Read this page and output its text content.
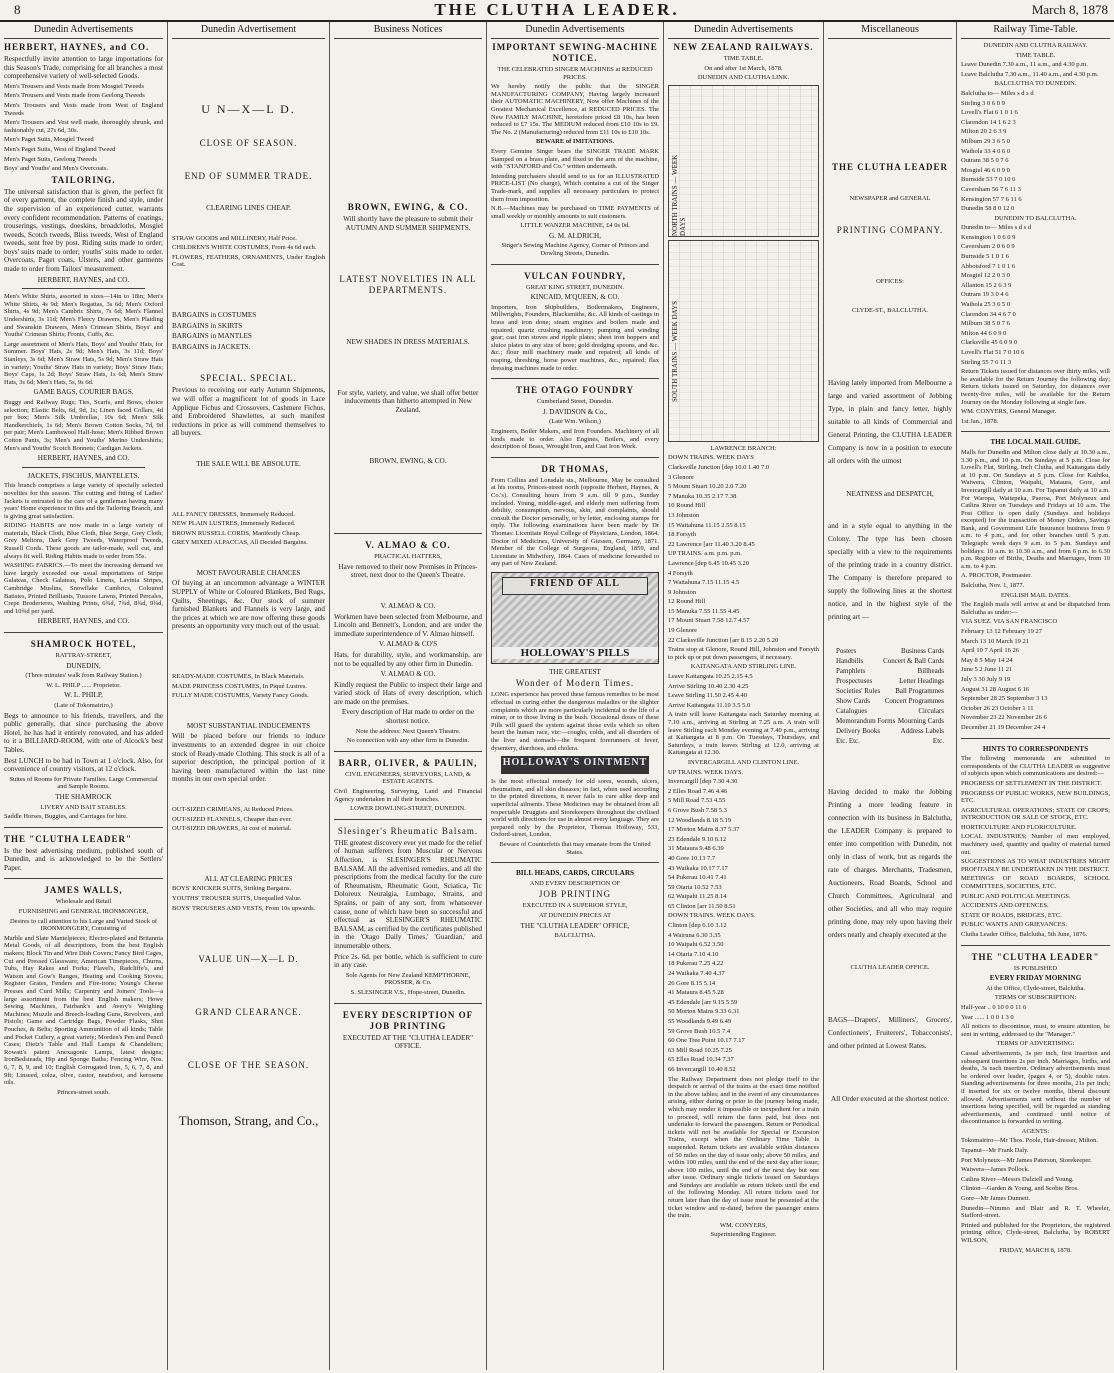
8	THE CLUTHA LEADER.	March 8, 1878
Dunedin Advertisements

HERBERT, HAYNES, and CO.

Respectfully invite attention to large importations for this Season's Trade, comprising for all branches a most comprehensive variety of well-selected Goods.

Men's Trousers and Vests made from Mosgiel Tweeds

Men's Trousers and Vests made from Geelong Tweeds

Men's Trousers and Vests made from West of England Tweeds

Men's Trousers and Vest well made, thoroughly shrunk, and fashionably cut, 27s 6d, 30s.

Men's Paget Suits, Mosgiel Tweed

Men's Paget Suits, West of England Tweed

Men's Paget Suits, Geelong Tweeds

Boys' and Youths' and Men's Overcoats.

TAILORING.

The universal satisfaction that is given, the perfect fit of every garment, the complete finish and style, under the supervision of an experienced cutter, warrants every confident recommendation. Patterns of coatings, trouserings, vestings, doeskins, broadcloths, Mosgiel tweeds, Scotch tweeds, Bliss tweeds, West of England tweeds, sent free by post. Riding suits made to order; boys' suits made to order; youths' suits made to order. Overcoats, Paget coats, Ulsters, and other garments made to order from Tailors' measurement.

HERBERT, HAYNES, and CO.

Men's White Shirts, assorted in sizes—14in to 18in; Men's White Shirts, 4s 9d; Men's Regattas, 3s 6d; Men's Oxford Shirts, 4s 9d; Men's Cambric Shirts, 7s 6d; Men's Flannel Undershirts, 3s 11d; Men's Fleecy Drawers, Men's Plaiding and Swanskin Drawers, Men's Crimean Shirts, Boys' and Youths' Crimean Shirts; Fronts, Cuffs, &c.

Large assortment of Men's Hats, Boys' and Youths' Hats, for Summer. Boys' Hats, 2s 9d; Men's Hats, 3s 11d; Boys' Stanleys, 3s 6d; Men's Straw Hats, 5s 9d; Men's Straw Hats in variety; Youths' Straw Hats in variety; Boys' Straw Hats; Boys' Caps, 1s 2d; Boys' Straw Hats, 1s 6d; Men's Straw Hats, 3s 6d; Men's Hats, 5s, 9s 6d.

GAME BAGS, COURIER BAGS.

Buggy and Railway Rugs; Ties, Scarfs, and Bows, choice selection; Elastic Belts, 6d, 9d, 1s; Linen faced Collars, 4d per box; Men's Silk Umbrellas, 10s 6d; Men's Silk Handkerchiefs, 1s 6d; Men's Brown Cotton Socks, 7d, 9d per pair; Men's Lambswool Half-hose; Men's Ribbed Brown Cotton Pants, 3s; Men's and Youths' Merino Undershirts; Men's and Youths' Scotch Bonnets; Cardigan Jackets.

HERBERT, HAYNES, and CO.

JACKETS, FISCHUS, MANTELETS.

This branch comprises a large variety of specially selected novelties for this season. The cutting and fitting of Ladies' Jackets is entrusted to the care of a gentleman having many years' Home experience in this and the Tailoring Branch, and is giving great satisfaction.

RIDING HABITS are now made in a large variety of materials, Black Cloth, Blue Cloth, Blue Serge, Grey Cloth, Grey Meltons, Dark Grey Tweeds, Waterproof Tweeds, Russell Cords. These goods are tailor-made, well cut, and always fit well. Riding Habits made to order from 55s.

WASHING FABRICS.—To meet the increasing demand we have largely exceeded our usual importations of Stripe Galateas, Check Galateas, Polo Linens, Lavinia Stripes, Cambridge Muslins, Snowflake Cambrics, Coloured Batistes, Printed Brilliants, Tussore Lawns, Printed Percales, Crepe Broderieres, Washing Prints, 6¾d, 7¾d, 8¾d, 9¾d, and 10¾d per yard.

HERBERT, HAYNES, and CO.

SHAMROCK HOTEL,

RATTRAY-STREET,

DUNEDIN,

(Three minutes' walk from Railway Station.)

W. L. PHILP ...... Proprietor.

W. L. PHILP,

(Late of Tokomairiro,)

Begs to announce to his friends, travellers, and the public generally, that since purchasing the above Hotel, he has had it entirely renovated, and has added to it a BILLIARD-ROOM, with one of Alcock's best Tables.

Best LUNCH to be had in Town at 1 o'clock. Also, for convenience of country visitors, at 12 o'clock.

Suites of Rooms for Private Families. Large Commercial and Sample Rooms.

THE SHAMROCK

LIVERY AND BAIT STABLES.

Saddle Horses, Buggies, and Carriages for hire.

THE "CLUTHA LEADER"

Is the best advertising medium, published south of Dunedin, and is acknowledged to be the Settlers' Paper.

JAMES WALLS,

Wholesale and Retail

FURNISHING and GENERAL IRONMONGER,

Desires to call attention to his Large and Varied Stock of IRONMONGERY, Consisting of

Marble and Slate Mantelpieces; Electro-plated and Britannia Metal Goods, of all descriptions, from the best English makers; Block Tin and Wire Dish Covers; Fancy Bird Cages, Cut and Pressed Glassware; American Timepieces, Churns, Tubs, Hay Rakes and Forks; Flavel's, Radcliffe's, and Watson and Gow's Ranges, Heating and Cooking Stoves; Register Grates, Fenders and Fire-irons; Young's Cheese Presses and Curd Mills; Carpentry and Joiners' Tools—a large assortment from the best English makers; Howe Sewing Machines, Fairbank's and Avery's Weighing Machines; Muzzle and Breech-loading Guns, Revolvers, and Pistols; Game and Cartridge Bags, Powder Flasks, Shot Pouches, & Belts; Sporting Ammunition of all kinds; Table and Pocket Cutlery, a great variety; Morden's Pen and Pencil Cases; Dietz's Table and Hall Lamps & Chandeliers; Rowatt's patent Anexagonic Lamps, latest designs; IronBedsteads, Hip and Sponge Baths; Fencing Wire, Nos. 6, 7, 8, 9, and 10; English Corrugated Iron, 5, 6, 7, 8, and 9ft; Linseed, colza, olive, castor, neatsfoot, and kerosene oils.

Princes-street south.

Dunedin Advertisement

U N—X—L D.

CLOSE OF SEASON.

END OF SUMMER TRADE.

CLEARING LINES CHEAP.

STRAW GOODS and MILLINERY, Half Price.

CHILDREN'S WHITE COSTUMES, From 4s 6d each.

FLOWERS, FEATHERS, ORNAMENTS, Under English Cost.

BARGAINS in COSTUMES

BARGAINS in SKIRTS

BARGAINS in MANTLES

BARGAINS in JACKETS.

SPECIAL. SPECIAL.

Previous to receiving our early Autumn Shipments, we will offer a magnificent lot of goods in Lace Applique Fichus and Crossovers, Cashmere Fichus, and Embroidered Shawlettes, at such manifest reductions in price as will commend themselves to all buyers.

THE SALE WILL BE ABSOLUTE.

ALL FANCY DRESSES, Immensely Reduced.

NEW PLAIN LUSTRES, Immensely Reduced.

BROWN RUSSELL CORDS, Manifestly Cheap.

GREY MIXED ALPACCAS, All Decided Bargains.

MOST FAVOURABLE CHANCES

Of buying at an uncommon advantage a WINTER SUPPLY of White or Coloured Blankets, Bed Rugs, Quilts, Sheetings, &c. Our stock of summer furnished Blankets and Flannels is very large, and the prices at which we are now offering these goods presents an opportunity very much out of the usual.

READY-MADE COSTUMES, In Black Materials.

MADE PRINCESS COSTUMES, In Piqué Lustres.

FULLY MADE COSTUMES, Variety Fancy Goods.

MOST SUBSTANTIAL INDUCEMENTS

Will be placed before our friends to induce investments to an extended degree in our choice stock of Ready-made Clothing. This stock is all of a superior description, the principal portion of it having been manufactured within the last nine months in our own special order.

OUT-SIZED CRIMEANS, At Reduced Prices.

OUT-SIZED FLANNELS, Cheaper than ever.

OUT-SIZED DRAWERS, At cost of material.

ALL AT CLEARING PRICES

BOYS' KNICKER SUITS, Striking Bargains.

YOUTHS' TROUSER SUITS, Unequalled Value.

BOYS' TROUSERS AND VESTS, From 10s upwards.

VALUE UN—X—L D.

GRAND CLEARANCE.

CLOSE OF THE SEASON.

Thomson, Strang, and Co.,

Business Notices

BROWN, EWING, & CO.

Will shortly have the pleasure to submit their AUTUMN AND SUMMER SHIPMENTS.

LATEST NOVELTIES IN ALL DEPARTMENTS.

NEW SHADES IN DRESS MATERIALS.

For style, variety, and value, we shall offer better inducements than hitherto attempted in New Zealand.

BROWN, EWING, & CO.

V. ALMAO & CO.

PRACTICAL HATTERS,

Have removed to their now Premises in Princes-street, next door to the Queen's Theatre.

V. ALMAO & CO.

Workmen have been selected from Melbourne, and Lincoln and Bennett's, London, and are under the immediate superintendence of V. Almao himself.

V. ALMAO & CO'S

Hats, for durability, style, and workmanship, are not to be equalled by any other firm in Dunedin.

V. ALMAO & CO.

Kindly request the Public to inspect their large and varied stock of Hats of every description, which are made on the premises.

Every description of Hat made to order on the shortest notice.

Note the address: Next Queen's Theatre.

No connection with any other firm in Dunedin.

BARR, OLIVER, & PAULIN,

CIVIL ENGINEERS, SURVEYORS, LAND, & ESTATE AGENTS.

Civil Engineering, Surveying, Land and Financial Agency undertaken in all their branches.

LOWER DOWLING-STREET, DUNEDIN.

Slesinger's Rheumatic Balsam.

THE greatest discovery ever yet made for the relief of human sufferers from Muscular or Nervous Affection, is SLESINGER'S RHEUMATIC BALSAM. All the advertised remedies, and all the prescriptions from the medical faculty for the cure of Rheumatism, Rheumatic Gout, Sciatica, Tic Doloreux Neuralgia, Lumbago, Strains, and Sprains, or pain of any sort, from whatsoever cause, none of which have been so successful and effectual as SLESINGER'S RHEUMATIC BALSAM, as certified by the certificates published in the 'Otago Daily Times,' 'Guardian,' and innumerable others.

Price 2s. 6d. per bottle, which is sufficient to cure in any case.

Sole Agents for New Zealand KEMPTHORNE, PROSSER, & Co.

S. SLESINGER V.S., Hope-street, Dunedin.

EVERY DESCRIPTION OF JOB PRINTING

EXECUTED AT THE "CLUTHA LEADER" OFFICE.

Dunedin Advertisements

IMPORTANT SEWING-MACHINE NOTICE.

THE CELEBRATED SINGER MACHINES at REDUCED PRICES.

We hereby notify the public that the SINGER MANUFACTURING COMPANY, Having largely increased their AUTOMATIC MACHINERY, Now offer Machines of the Greatest Mechanical Excellence, at REDUCED PRICES. The New FAMILY MACHINE, heretofore priced £8 10s, has been reduced to £7 15s. The MEDIUM reduced from £10 10s to £9. The No. 2 (Manufacturing) reduced from £11 10s to £10 10s.

BEWARE of IMITATIONS.

Every Genuine Singer bears the SINGER TRADE MARK Stamped on a brass plate, and fixed to the arm of the machine, with "STANFORD and Co." written underneath.

Intending purchasers should send to us for an ILLUSTRATED PRICE-LIST (No charge), Which contains a cut of the Singer Trade-mark, and supplies all necessary particulars to protect them from imposition.

N.B.—Machines may be purchased on TIME PAYMENTS of small weekly or monthly amounts to suit customers.

LITTLE WANZER MACHINE, £4 0s 0d.

G. M. ALDRICH,

Singer's Sewing Machine Agency, Corner of Princes and Dowling Streets, Dunedin.

VULCAN FOUNDRY,

GREAT KING STREET, DUNEDIN.

KINCAID, M'QUEEN, & CO.

Importers, Iron Shipbuilders, Boilermakers, Engineers, Millwrights, Founders, Blacksmiths, &c. All kinds of castings in brass and iron done; steam engines and boilers made and repaired; quartz crushing machinery; pumping and winding gear; cast iron stoves and ripple plates; sheet iron hoppers and sluice plates to any size of bore; gold dredging spoons, and &c. &c.; flour mill machinery made and repaired; all kinds of reaping, threshing, horse power machines, &c., repaired; flax dressing machines made to order.

THE OTAGO FOUNDRY

Cumberland Street, Dunedin.

J. DAVIDSON & Co.,

(Late Wm. Wilson,)

Engineers, Boiler Makers, and Iron Founders. Machinery of all kinds made to order. Also Engines, Boilers, and every description of Brass, Wrought Iron, and Cast Iron Work.

DR THOMAS,

From Collins and Lonsdale sts., Melbourne, May be consulted at his rooms, Princes-street north (opposite Herbert, Haynes, & Co.'s). Consulting hours from 9 a.m. till 9 p.m., Sunday included. Young, middle-aged, and elderly men suffering from debility, consumption, nervous, skin, and complaints, should consult the Doctor personally, or by letter, enclosing stamps for reply. The following examinations have been made by Dr Thomas: Licentiate Royal College of Physicians, London, 1864. Doctor of Medicines, University of Giessen, Germany, 1871. Member of the College of Surgeons, England, 1859, and Licentiate in Midwifery, 1864. Cases of medicine forwarded to any part of New Zealand.

FRIEND OF ALL
HOLLOWAY'S PILLS

THE GREATEST

Wonder of Modern Times.

LONG experience has proved these famous remedies to be most effectual in curing either the dangerous maladies or the slighter complaints which are more particularly incidental to the life of a miner, or to those living in the bush. Occasional doses of these Pills will guard the system against those evils which so often beset the human race, viz:—coughs, colds, and all disorders of the liver and stomach—the frequent forerunners of fever, dysentery, diarrhoea, and cholera.

HOLLOWAY'S OINTMENT

Is the most effectual remedy for old sores, wounds, ulcers, rheumatism, and all skin diseases; in fact, when used according to the printed directions, it never fails to cure alike deep and superficial ailments. These Medicines may be obtained from all respectable Druggists and Storekeepers throughout the civilised world with directions for use in almost every language. They are prepared only by the Proprietor, Thomas Holloway, 533, Oxford-street, London.

Beware of Counterfeits that may emanate from the United States.

BILL HEADS, CARDS, CIRCULARS

AND EVERY DESCRIPTION OF

JOB PRINTING

EXECUTED IN A SUPERIOR STYLE,

AT DUNEDIN PRICES AT

THE "CLUTHA LEADER" OFFICE,

BALCLUTHA.

Dunedin Advertisements

NEW ZEALAND RAILWAYS.

TIME TABLE.

On and after 1st March, 1878.

DUNEDIN AND CLUTHA LINK.

NORTH TRAINS — WEEK DAYS
SOUTH TRAINS — WEEK DAYS

LAWRENCE BRANCH:

DOWN TRAINS. WEEK DAYS

Clarksville Junction [dep 10.0 1.40 7.0

3 Glenore

5 Mount Stuart 10.20 2.0 7.20

7 Manuka 10.35 2.17 7.38

10 Round Hill

13 Johnston

15 Waitahuna 11.15 2.55 8.15

18 Forsyth

22 Lawrence [arr 11.40 3.20 8.45

UP TRAINS. a.m. p.m. p.m.

Lawrence [dep 6.45 10.45 3.20

4 Forsyth

7 Waitahuna 7.15 11.15 4.5

9 Johnston

12 Round Hill

15 Manuka 7.55 11.55 4.45

17 Mount Stuart 7.58 12.7 4.57

19 Glenore

22 Clarksville Junction [arr 8.15 2.20 5.20

Trains stop at Glenore, Round Hill, Johnston and Forsyth to pick up or put down passengers, if necessary.

KAITANGATA AND STIRLING LINE.

Leave Kaitangata 10.25 2.15 4.5

Arrive Stirling 10.40 2.30 4.25

Leave Stirling 11.50 2.45 4.40

Arrive Kaitangata 11.10 3.5 5.0

A train will leave Kaitangata each Saturday morning at 7.10 a.m., arriving at Stirling at 7.25 a.m. A train will leave Stirling each Monday evening at 7.40 p.m., arriving at Kaitangata at 8 p.m. On Tuesdays, Thursdays, and Saturdays, a train leaves Stirling at 12.0, arriving at Kaitangata at 12.30.

INVERCARGILL AND CLINTON LINE.

UP TRAINS. WEEK DAYS.

Invercargill [dep 7.30 4.30

2 Elles Road 7.46 4.46

5 Mill Road 7.53 4.55

6 Grove Bush 7.58 5.3

12 Woodlands 8.18 5.19

17 Morton Mains 8.37 5.37

23 Edendale 9.10 6.12

31 Mataura 9.48 6.39

40 Gore 10.13 7.7

43 Waikaka 10.17 7.17

54 Pukerau 10.41 7.41

59 Otaria 10.52 7.53

62 Waipahi 11.25 8.14

65 Clinton [arr 11.50 8.51

DOWN TRAINS. WEEK DAYS.

Clinton [dep 6.10 3.12

4 Wairuna 6.30 3.35

10 Waipahi 6.52 3.50

14 Otaria 7.10 4.10

18 Pukerau 7.25 4.22

24 Waikaka 7.40 4.37

26 Gore 8.15 5.14

41 Mataura 8.45 5.28

45 Edendale [arr 9.15 5.59

50 Morton Mains 9.33 6.31

55 Woodlands 9.49 6.49

59 Grove Bush 10.5 7.4

60 One Tree Point 10.17 7.17

63 Mill Road 10.25 7.25

65 Elles Road 10.34 7.37

66 Invercargill 10.40 8.52

The Railway Department does not pledge itself to the despatch or arrival of the trains at the exact time notified in the above tables; and in the event of any circumstances arising, either during or prior to the journey being made, which may render it impossible or inexpedient for a train to proceed, will return the fares paid, but does not undertake to forward the passengers. Return or Periodical tickets will not be available for Special or Excursion Trains, except when the Ordinary Time Table is suspended. Return tickets are available within distances of 50 miles on the day of issue only; above 50 miles, and within 100 miles, until the end of the next day after issue; above 100 miles, until the end of the next day but one after issue. Ordinary single tickets issued on Saturdays and Sundays are available as return tickets until the end of the following Monday. All return tickets used for return later than the day of issue must be presented at the ticket window and re-dated, before the passenger enters the train.

WM. CONYERS,

Superintending Engineer.

Miscellaneous

THE CLUTHA LEADER

NEWSPAPER and GENERAL

PRINTING COMPANY.

OFFICES:

CLYDE-ST., BALCLUTHA.

Having lately imported from Melbourne a large and varied assortment of Jobbing Type, in plain and fancy letter, highly suitable to all kinds of Commercial and General Printing, the CLUTHA LEADER Company is now in a position to execute all orders with the utmost

NEATNESS and DESPATCH,

and in a style equal to anything in the Colony. The type has been chosen specially with a view to the requirements of the printing trade in a country district. The Company is therefore prepared to supply the following lines at the shortest notice, and in the highest style of the printing art —

Posters	Business Cards
Handbills	Concert & Ball Cards
Pamphlets	Billheads
Prospectuses	Letter Headings
Societies' Rules Ball Programmes
Show Cards Concert Programmes
Catalogues	Circulars
Memorandum Forms Mourning Cards
Delivery Books	Address Labels
Etc. Etc.	Etc.

Having decided to make the Jobbing Printing a more leading feature in connection with its business in Balclutha, the LEADER Company is prepared to enter into competition with Dunedin, not only in class of work, but as regards the rate of charges. Merchants, Tradesmen, Auctioneers, Road Boards, School and Church Committees, Agricultural and other Societies, and all who may require printing done, may rely upon having their orders neatly and cheaply executed at the

CLUTHA LEADER OFFICE.

BAGS—Drapers', Milliners', Grocers', Confectioners', Fruiterers', Tobacconists', and other printed at Lowest Rates.

All Order executed at the shortest notice.

Railway Time-Table.

DUNEDIN AND CLUTHA RAILWAY.

TIME TABLE.

Leave Dunedin 7.30 a.m., 11 a.m., and 4.30 p.m.

Leave Balclutha 7.30 a.m., 11.40 a.m., and 4.30 p.m.

BALCLUTHA TO DUNEDIN.

Balclutha to— Miles s d s d

Stirling 3 0 6 0 9

Lovell's Flat 6 1 0 1 6

Clarendon 14 1 6 2 3

Milton 20 2 6 3 9

Milburn 29 3 6 5 0

Waihola 33 4 0 6 0

Outram 38 5 0 7 6

Mosgiel 46 6 0 9 0

Burnside 53 7 0 10 6

Caversham 56 7 6 11 3

Kensington 57 7 6 11 6

Dunedin 58 8 0 12 0

DUNEDIN TO BALCLUTHA.

Dunedin to— Miles s d s d

Kensington 1 0 6 0 9

Caversham 2 0 6 0 9

Burnside 5 1 0 1 6

Abbotsford 7 1 0 1 6

Mosgiel 12 2 0 3 0

Allanton 15 2 6 3 9

Outram 19 3 0 4 6

Waihola 25 3 6 5 0

Clarendon 34 4 6 7 0

Milburn 38 5 0 7 6

Milton 44 6 0 9 0

Clarksville 45 6 0 9 0

Lovell's Flat 51 7 0 10 6

Stirling 55 7 6 11 3

Return Tickets issued for distances over thirty miles, will be available for the Return Journey the following day; Return tickets issued on Saturday, for distances over twenty-five miles, will be available for the Return Journey on the Monday following at single fare.

WM. CONYERS, General Manager.

1st Jan., 1878.

THE LOCAL MAIL GUIDE.

Malls for Dunedin and Milton close daily at 10.30 a.m., 3.30 p.m., and 10 p.m. On Sundays at 5 p.m. Close for Lovell's Flat, Stirling, Inch Clutha, and Kaitangata daily at 10 p.m. On Sundays at 5 p.m. Close for Kaihiku, Waiwera, Clinton, Waipahi, Mataura, Gore, and Invercargill daily at 10 a.m. For Tapanui daily at 10 a.m. For Waropa, Waitepeka, Paeroa, Port Molyneux and Catlins River on Tuesdays and Fridays at 10 a.m. The Post Office is open daily (Sundays and holidays excepted) for the transaction of Money Orders, Savings Bank, and Government Life Insurance business from 9 a.m. to 4 p.m., and for other branches until 5 p.m. Telegraph: week days 9 a.m. to 5 p.m. Sundays and holidays: 10 a.m. to 10.30 a.m., and from 6 p.m. to 6.30 p.m. Register of Births, Deaths and Marriages, from 10 a.m. to 4 p.m.

A. PROCTOR, Postmaster.

Balclutha, Nov. 1, 1877.

ENGLISH MAIL DATES.

The English mails will arrive at and be dispatched from Balclutha as under:—

VIA SUEZ. VIA SAN FRANCISCO

February 13 12 February 19 27

March 13 10 March 19 21

April 10 7 April 16 26

May 8 5 May 14 24

June 5 2 June 11 21

July 3 30 July 9 19

August 31 28 August 6 16

September 28 25 September 3 13

October 26 23 October 1 11

November 23 22 November 26 6

December 21 19 December 24 4

HINTS TO CORRESPONDENTS

The following memoranda are submitted to correspondents of the CLUTHA LEADER as suggestive of subjects upon which communications are desired:—

PROGRESS OF SETTLEMENT IN THE DISTRICT.

PROGRESS OF PUBLIC WORKS, NEW BUILDINGS, ETC.

AGRICULTURAL OPERATIONS; STATE OF CROPS; INTRODUCTION OR SALE OF STOCK, ETC.

HORTICULTURE AND FLORICULTURE.

LOCAL INDUSTRIES; Number of men employed, machinery used, quantity and quality of material turned out.

SUGGESTIONS AS TO WHAT INDUSTRIES MIGHT PROFITABLY BE UNDERTAKEN IN THE DISTRICT.

MEETINGS OF ROAD BOARDS, SCHOOL COMMITTEES, SOCIETIES, ETC.

PUBLIC AND POLITICAL MEETINGS.

ACCIDENTS AND OFFENCES.

STATE OF ROADS, BRIDGES, ETC.

PUBLIC WANTS AND GRIEVANCES.

Clutha Leader Office, Balclutha, 5th June, 1876.

THE "CLUTHA LEADER"

IS PUBLISHED

EVERY FRIDAY MORNING

At the Office, Clyde-street, Balclutha.

TERMS OF SUBSCRIPTION:

Half-year .. 0 10 0 0 11 6

Year ...... 1 0 0 1 3 0

All notices to discontinue, must, to ensure attention, be sent in writing, addressed to the "Manager."

TERMS OF ADVERTISING:

Casual advertisements, 3s per inch, first insertion and subsequent insertions 2s per inch. Marriages, births, and deaths, 3s each insertion. Ordinary advertisements must be ordered over leader, (pages 4, or 5), double rates. Standing advertisements for three months, 21s per inch; if inserted for six or twelve months, liberal discount allowed. Advertisements sent without the number of insertions being specified, will be regarded as standing advertisements, and continued until notice of discontinuance is forwarded in writing.

AGENTS:

Tokomairiro—Mr Thos. Poole, Hair-dresser, Milton.

Tapanui—Mr Frank Daly.

Port Molyneux—Mr James Paterson, Storekeeper.

Waiwera—James Pollock.

Catlins River—Messrs Dalziell and Young.

Clinton—Garden & Young, and Scobie Bros.

Gore—Mr James Dunnett.

Dunedin—Nimmo and Blair and R. T. Wheeler, Stafford-street.

Printed and published for the Proprietors, the registered printing office, Clyde-street, Balclutha, by ROBERT WILSON,

FRIDAY, MARCH 8, 1878.
